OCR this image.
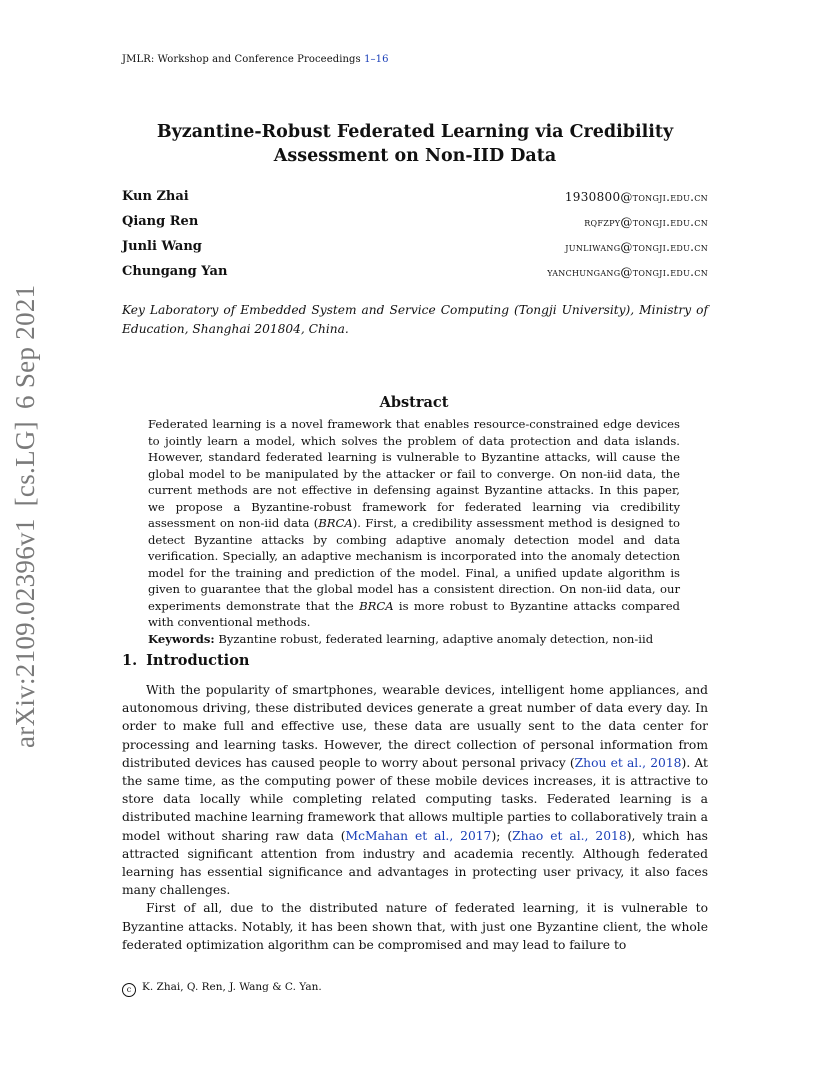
JMLR: Workshop and Conference Proceedings 1–16
arXiv:2109.02396v1[cs.LG]6 Sep 2021
Byzantine-Robust Federated Learning via Credibility Assessment on Non-IID Data
Kun Zhai	1930800@tongji.edu.cn
Qiang Ren	rqfzpy@tongji.edu.cn
Junli Wang	junliwang@tongji.edu.cn
Chungang Yan	yanchungang@tongji.edu.cn
Key Laboratory of Embedded System and Service Computing (Tongji University), Ministry of Education, Shanghai 201804, China.
Abstract
Federated learning is a novel framework that enables resource-constrained edge devices to jointly learn a model, which solves the problem of data protection and data islands. However, standard federated learning is vulnerable to Byzantine attacks, will cause the global model to be manipulated by the attacker or fail to converge. On non-iid data, the current methods are not effective in defensing against Byzantine attacks. In this paper, we propose a Byzantine-robust framework for federated learning via credibility assessment on non-iid data (BRCA). First, a credibility assessment method is designed to detect Byzantine attacks by combing adaptive anomaly detection model and data verification. Specially, an adaptive mechanism is incorporated into the anomaly detection model for the training and prediction of the model. Final, a unified update algorithm is given to guarantee that the global model has a consistent direction. On non-iid data, our experiments demonstrate that the BRCA is more robust to Byzantine attacks compared with conventional methods.
Keywords: Byzantine robust, federated learning, adaptive anomaly detection, non-iid
1. Introduction

With the popularity of smartphones, wearable devices, intelligent home appliances, and autonomous driving, these distributed devices generate a great number of data every day. In order to make full and effective use, these data are usually sent to the data center for processing and learning tasks. However, the direct collection of personal information from distributed devices has caused people to worry about personal privacy (Zhou et al., 2018). At the same time, as the computing power of these mobile devices increases, it is attractive to store data locally while completing related computing tasks. Federated learning is a distributed machine learning framework that allows multiple parties to collaboratively train a model without sharing raw data (McMahan et al., 2017); (Zhao et al., 2018), which has attracted significant attention from industry and academia recently. Although federated learning has essential significance and advantages in protecting user privacy, it also faces many challenges.

First of all, due to the distributed nature of federated learning, it is vulnerable to Byzantine attacks. Notably, it has been shown that, with just one Byzantine client, the whole federated optimization algorithm can be compromised and may lead to failure to

c K. Zhai, Q. Ren, J. Wang & C. Yan.
